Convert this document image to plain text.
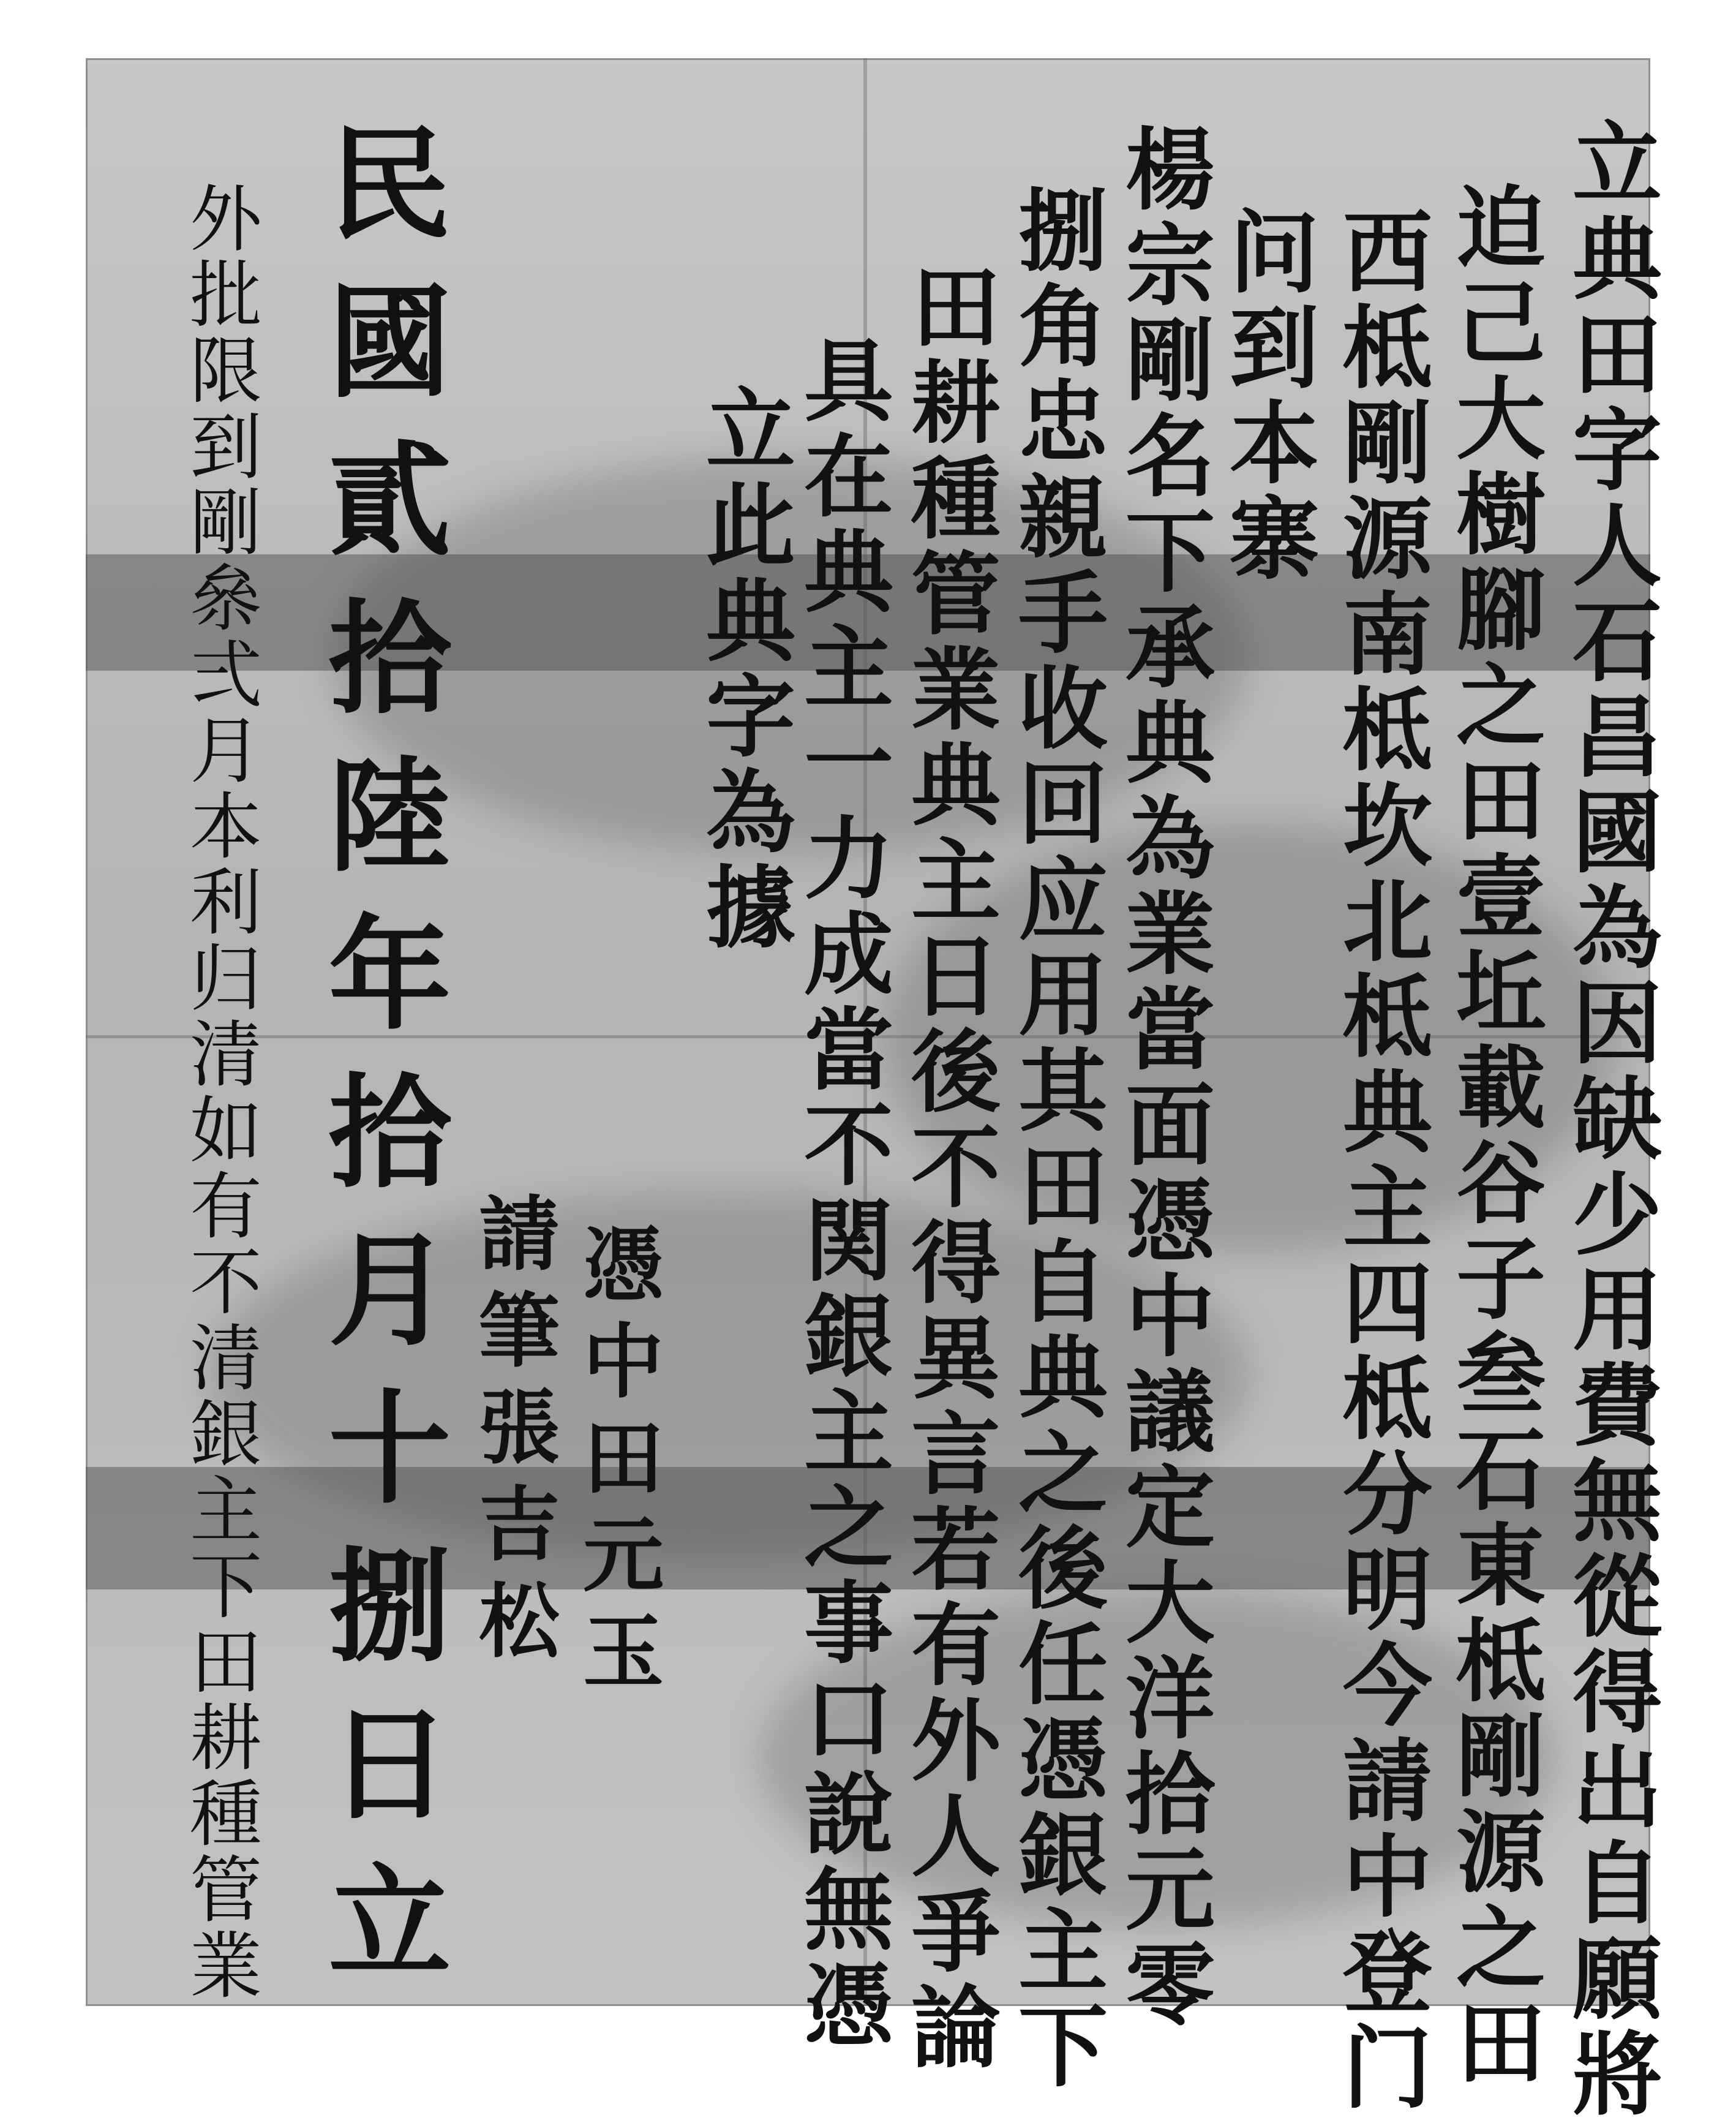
立典田字人石昌國為因缺少用費無從得出自願將
迫己大樹腳之田壹坵載谷子叁石東柢剛源之田
西柢剛源南柢坎北柢典主四柢分明今請中登门
问到本寨
楊宗剛名下承典為業當面憑中議定大洋拾元零
捌角忠親手收回应用其田自典之後任憑銀主下
田耕種管業典主日後不得異言若有外人爭論
具在典主一力成當不関銀主之事口說無憑
立此典字為據
憑中田元玉
請筆張吉松
民國貳拾陸年拾月十捌日立
外批限到剛㕘弍月本利归清如有不清銀主下田耕種管業
